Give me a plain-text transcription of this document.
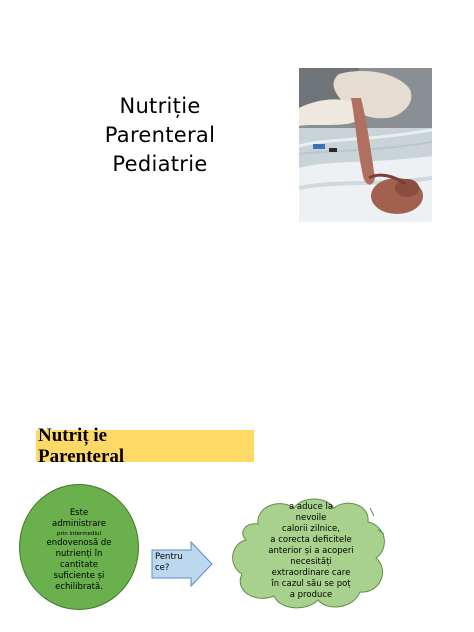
Nutriție
Parenteral
Pediatrie
Nutriț ie
Parenteral
Este
administrare
prin intermediul
endovenosă de
nutrienți în
cantitate
suficiente și
echilibrată.
Pentru
ce?
a aduce la
nevoile
calorii zilnice,
a corecta deficitele
anterior și a acoperi
necesități
extraordinare care
în cazul său se poț
a produce
